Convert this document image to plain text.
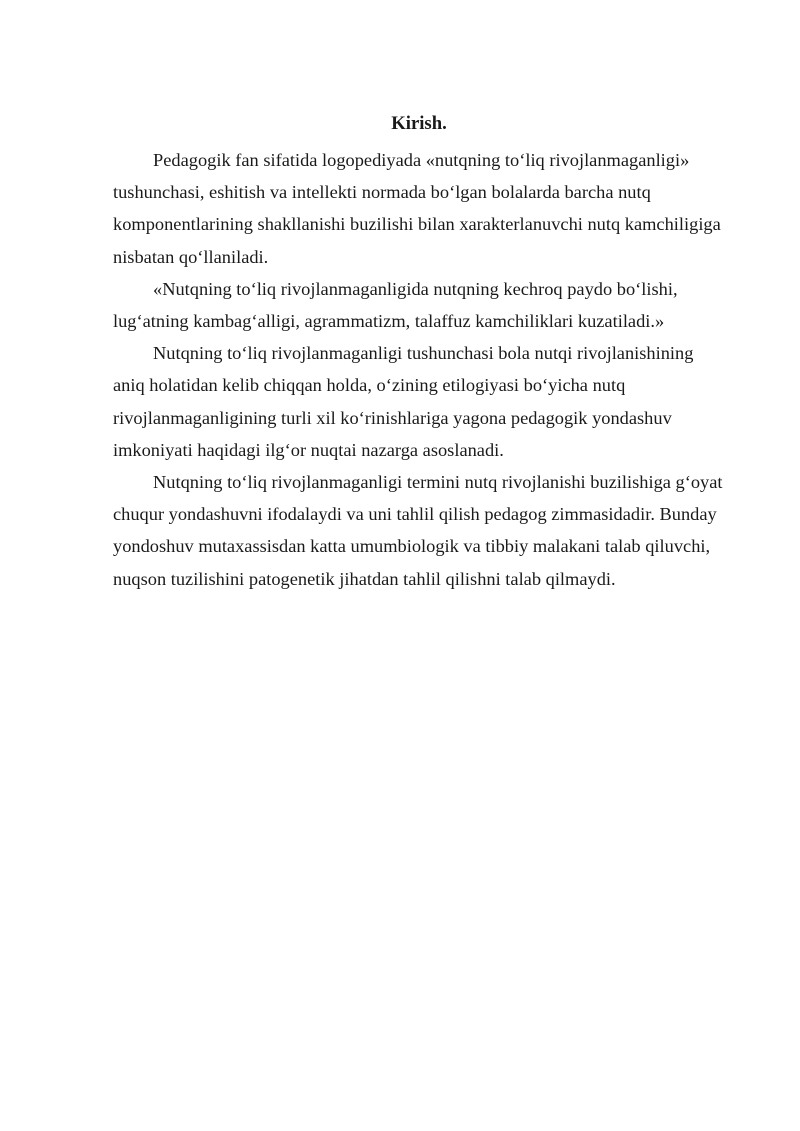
Kirish.

Pedagogik fan sifatida logopediyada «nutqning to‘liq rivojlanmaganligi» tushunchasi, eshitish va intellekti normada bo‘lgan bolalarda barcha nutq komponentlarining shakllanishi buzilishi bilan xarakterlanuvchi nutq kamchiligiga nisbatan qo‘llaniladi.

«Nutqning to‘liq rivojlanmaganligida nutqning kechroq paydo bo‘lishi, lug‘atning kambag‘alligi, agrammatizm, talaffuz kamchiliklari kuzatiladi.»

Nutqning to‘liq rivojlanmaganligi tushunchasi bola nutqi rivojlanishining aniq holatidan kelib chiqqan holda, o‘zining etilogiyasi bo‘yicha nutq rivojlanmaganligining turli xil ko‘rinishlariga yagona pedagogik yondashuv imkoniyati haqidagi ilg‘or nuqtai nazarga asoslanadi.

Nutqning to‘liq rivojlanmaganligi termini nutq rivojlanishi buzilishiga g‘oyat chuqur yondashuvni ifodalaydi va uni tahlil qilish pedagog zimmasidadir. Bunday yondoshuv mutaxassisdan katta umumbiologik va tibbiy malakani talab qiluvchi, nuqson tuzilishini patogenetik jihatdan tahlil qilishni talab qilmaydi.
